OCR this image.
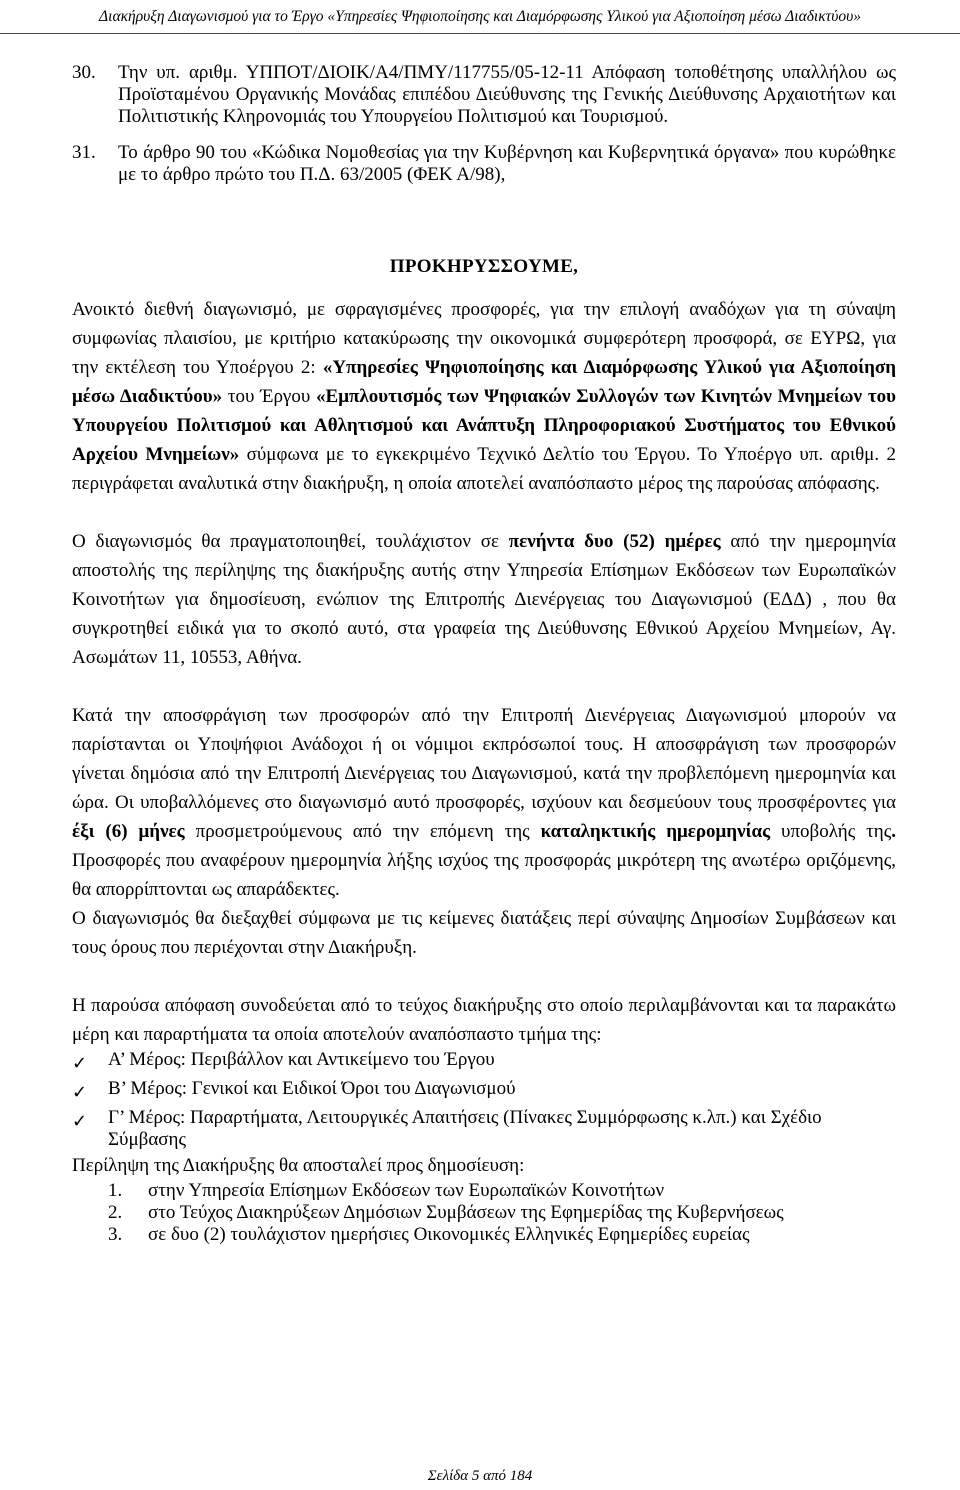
Διακήρυξη Διαγωνισμού για το Έργο «Υπηρεσίες Ψηφιοποίησης και Διαμόρφωσης Υλικού για Αξιοποίηση μέσω Διαδικτύου»
30.	Την υπ. αριθμ. ΥΠΠΟΤ/ΔΙΟΙΚ/Α4/ΠΜΥ/117755/05-12-11 Απόφαση τοποθέτησης υπαλλήλου ως Προϊσταμένου Οργανικής Μονάδας επιπέδου Διεύθυνσης της Γενικής Διεύθυνσης Αρχαιοτήτων και Πολιτιστικής Κληρονομιάς του Υπουργείου Πολιτισμού και Τουρισμού.
31.	Το άρθρο 90 του «Κώδικα Νομοθεσίας για την Κυβέρνηση και Κυβερνητικά όργανα» που κυρώθηκε με το άρθρο πρώτο του Π.Δ. 63/2005 (ΦΕΚ Α/98),

ΠΡΟΚΗΡΥΣΣΟΥΜΕ,

Ανοικτό διεθνή διαγωνισμό, με σφραγισμένες προσφορές, για την επιλογή αναδόχων για τη σύναψη συμφωνίας πλαισίου, με κριτήριο κατακύρωσης την οικονομικά συμφερότερη προσφορά, σε ΕΥΡΩ, για την εκτέλεση του Υποέργου 2: «Υπηρεσίες Ψηφιοποίησης και Διαμόρφωσης Υλικού για Αξιοποίηση μέσω Διαδικτύου» του Έργου «Εμπλουτισμός των Ψηφιακών Συλλογών των Κινητών Μνημείων του Υπουργείου Πολιτισμού και Αθλητισμού και Ανάπτυξη Πληροφοριακού Συστήματος του Εθνικού Αρχείου Μνημείων» σύμφωνα με το εγκεκριμένο Τεχνικό Δελτίο του Έργου. Το Υποέργο υπ. αριθμ. 2 περιγράφεται αναλυτικά στην διακήρυξη, η οποία αποτελεί αναπόσπαστο μέρος της παρούσας απόφασης.

Ο διαγωνισμός θα πραγματοποιηθεί, τουλάχιστον σε πενήντα δυο (52) ημέρες από την ημερομηνία αποστολής της περίληψης της διακήρυξης αυτής στην Υπηρεσία Επίσημων Εκδόσεων των Ευρωπαϊκών Κοινοτήτων για δημοσίευση, ενώπιον της Επιτροπής Διενέργειας του Διαγωνισμού (ΕΔΔ) , που θα συγκροτηθεί ειδικά για το σκοπό αυτό, στα γραφεία της Διεύθυνσης Εθνικού Αρχείου Μνημείων, Αγ. Ασωμάτων 11, 10553, Αθήνα.

Κατά την αποσφράγιση των προσφορών από την Επιτροπή Διενέργειας Διαγωνισμού μπορούν να παρίστανται οι Υποψήφιοι Ανάδοχοι ή οι νόμιμοι εκπρόσωποί τους. Η αποσφράγιση των προσφορών γίνεται δημόσια από την Επιτροπή Διενέργειας του Διαγωνισμού, κατά την προβλεπόμενη ημερομηνία και ώρα. Οι υποβαλλόμενες στο διαγωνισμό αυτό προσφορές, ισχύουν και δεσμεύουν τους προσφέροντες για έξι (6) μήνες προσμετρούμενους από την επόμενη της καταληκτικής ημερομηνίας υποβολής της. Προσφορές που αναφέρουν ημερομηνία λήξης ισχύος της προσφοράς μικρότερη της ανωτέρω οριζόμενης, θα απορρίπτονται ως απαράδεκτες.

Ο διαγωνισμός θα διεξαχθεί σύμφωνα με τις κείμενες διατάξεις περί σύναψης Δημοσίων Συμβάσεων και τους όρους που περιέχονται στην Διακήρυξη.

Η παρούσα απόφαση συνοδεύεται από το τεύχος διακήρυξης στο οποίο περιλαμβάνονται και τα παρακάτω μέρη και παραρτήματα τα οποία αποτελούν αναπόσπαστο τμήμα της:

✓	Α’ Μέρος: Περιβάλλον και Αντικείμενο του Έργου
✓	Β’ Μέρος: Γενικοί και Ειδικοί Όροι του Διαγωνισμού
✓	Γ’ Μέρος: Παραρτήματα, Λειτουργικές Απαιτήσεις (Πίνακες Συμμόρφωσης κ.λπ.) και Σχέδιο Σύμβασης

Περίληψη της Διακήρυξης θα αποσταλεί προς δημοσίευση:

1.	στην Υπηρεσία Επίσημων Εκδόσεων των Ευρωπαϊκών Κοινοτήτων
2.	στο Τεύχος Διακηρύξεων Δημόσιων Συμβάσεων της Εφημερίδας της Κυβερνήσεως
3.	σε δυο (2) τουλάχιστον ημερήσιες Οικονομικές Ελληνικές Εφημερίδες ευρείας
Σελίδα 5 από 184
